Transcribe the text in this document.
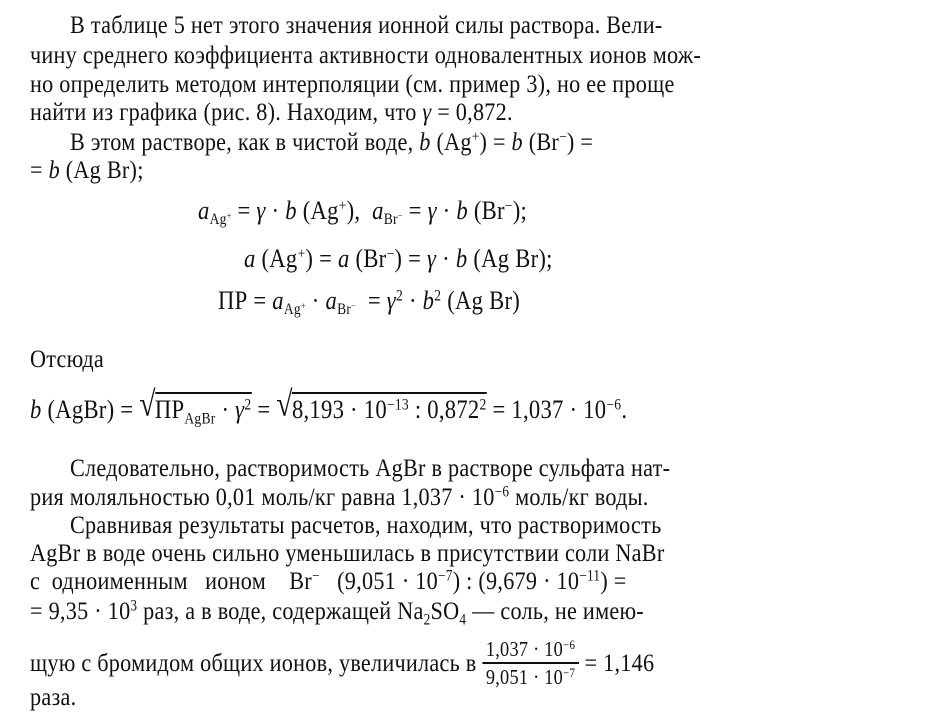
В таблице 5 нет этого значения ионной силы раствора. Вели-
чину среднего коэффициента активности одновалентных ионов мож-
но определить методом интерполяции (см. пример 3), но ее проще
найти из графика (рис. 8). Находим, что γ = 0,872.
В этом растворе, как в чистой воде, b (Ag+) = b (Br−) =
= b (Ag Br);
$a_{Ag^+} = \gamma \cdot b$ (Ag+),  $a_{Br^-} = \gamma \cdot b$ (Br−);
a (Ag+) = a (Br−) = γ · b (Ag Br);
ПР = $a_{Ag^+} \cdot a_{Br^-} = \gamma^2 \cdot b^2$ (Ag Br)
Отсюда
b (AgBr) = √ $ПР_{AgBr} \cdot \gamma^2$ = √ $8,193 \cdot 10^{-13}$ : $0,872^2 = 1,037 \cdot 10^{-6}$.
Следовательно, растворимость AgBr в растворе сульфата нат-
рия моляльностью 0,01 моль/кг равна $1,037 \cdot 10^{-6}$ моль/кг воды.
Сравнивая результаты расчетов, находим, что растворимость
AgBr в воде очень сильно уменьшилась в присутствии соли NaBr
с  одноименным   ионом    Br−   $(9,051 \cdot 10^{-7})$ : $(9,679 \cdot 10^{-11})$ =
= $9,35 \cdot 10^3$ раз, а в воде, содержащей $Na_2SO_4$ — соль, не имею-
щую с бромидом общих ионов, увеличилась в $\frac{1,037 \cdot 10^{-6}}{9,051 \cdot 10^{-7}} = 1,146$
раза.
